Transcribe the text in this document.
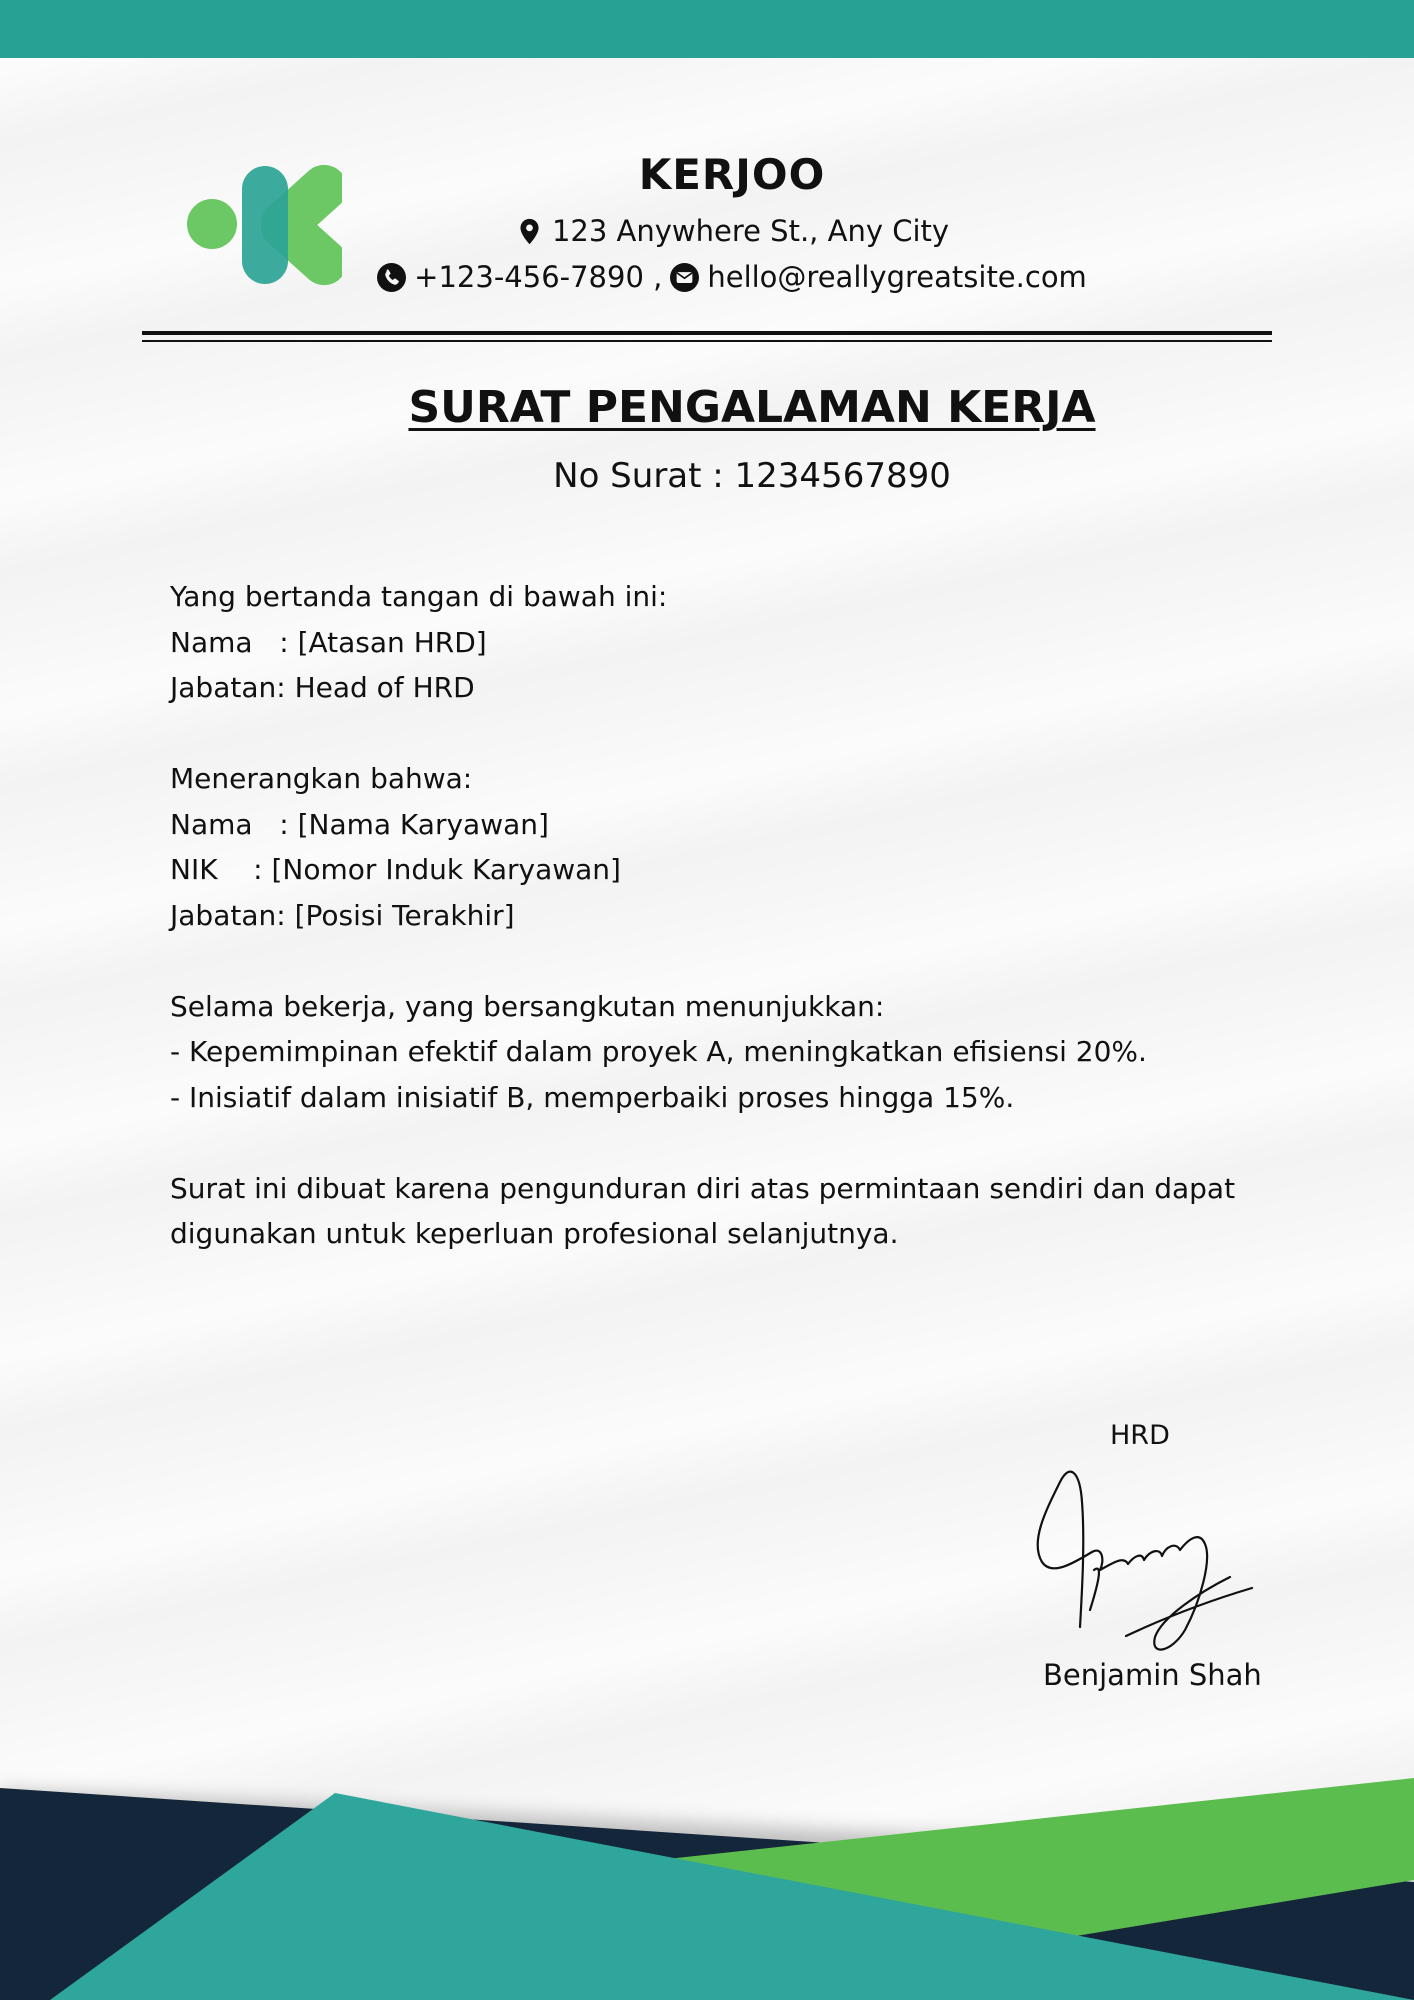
KERJOO
123 Anywhere St., Any City
+123-456-7890 , hello@reallygreatsite.com
SURAT PENGALAMAN KERJA
No Surat : 1234567890
Yang bertanda tangan di bawah ini:
Nama   : [Atasan HRD]
Jabatan: Head of HRD
Menerangkan bahwa:
Nama   : [Nama Karyawan]
NIK    : [Nomor Induk Karyawan]
Jabatan: [Posisi Terakhir]
Selama bekerja, yang bersangkutan menunjukkan:
- Kepemimpinan efektif dalam proyek A, meningkatkan efisiensi 20%.
- Inisiatif dalam inisiatif B, memperbaiki proses hingga 15%.
Surat ini dibuat karena pengunduran diri atas permintaan sendiri dan dapat
digunakan untuk keperluan profesional selanjutnya.
HRD
Benjamin Shah
